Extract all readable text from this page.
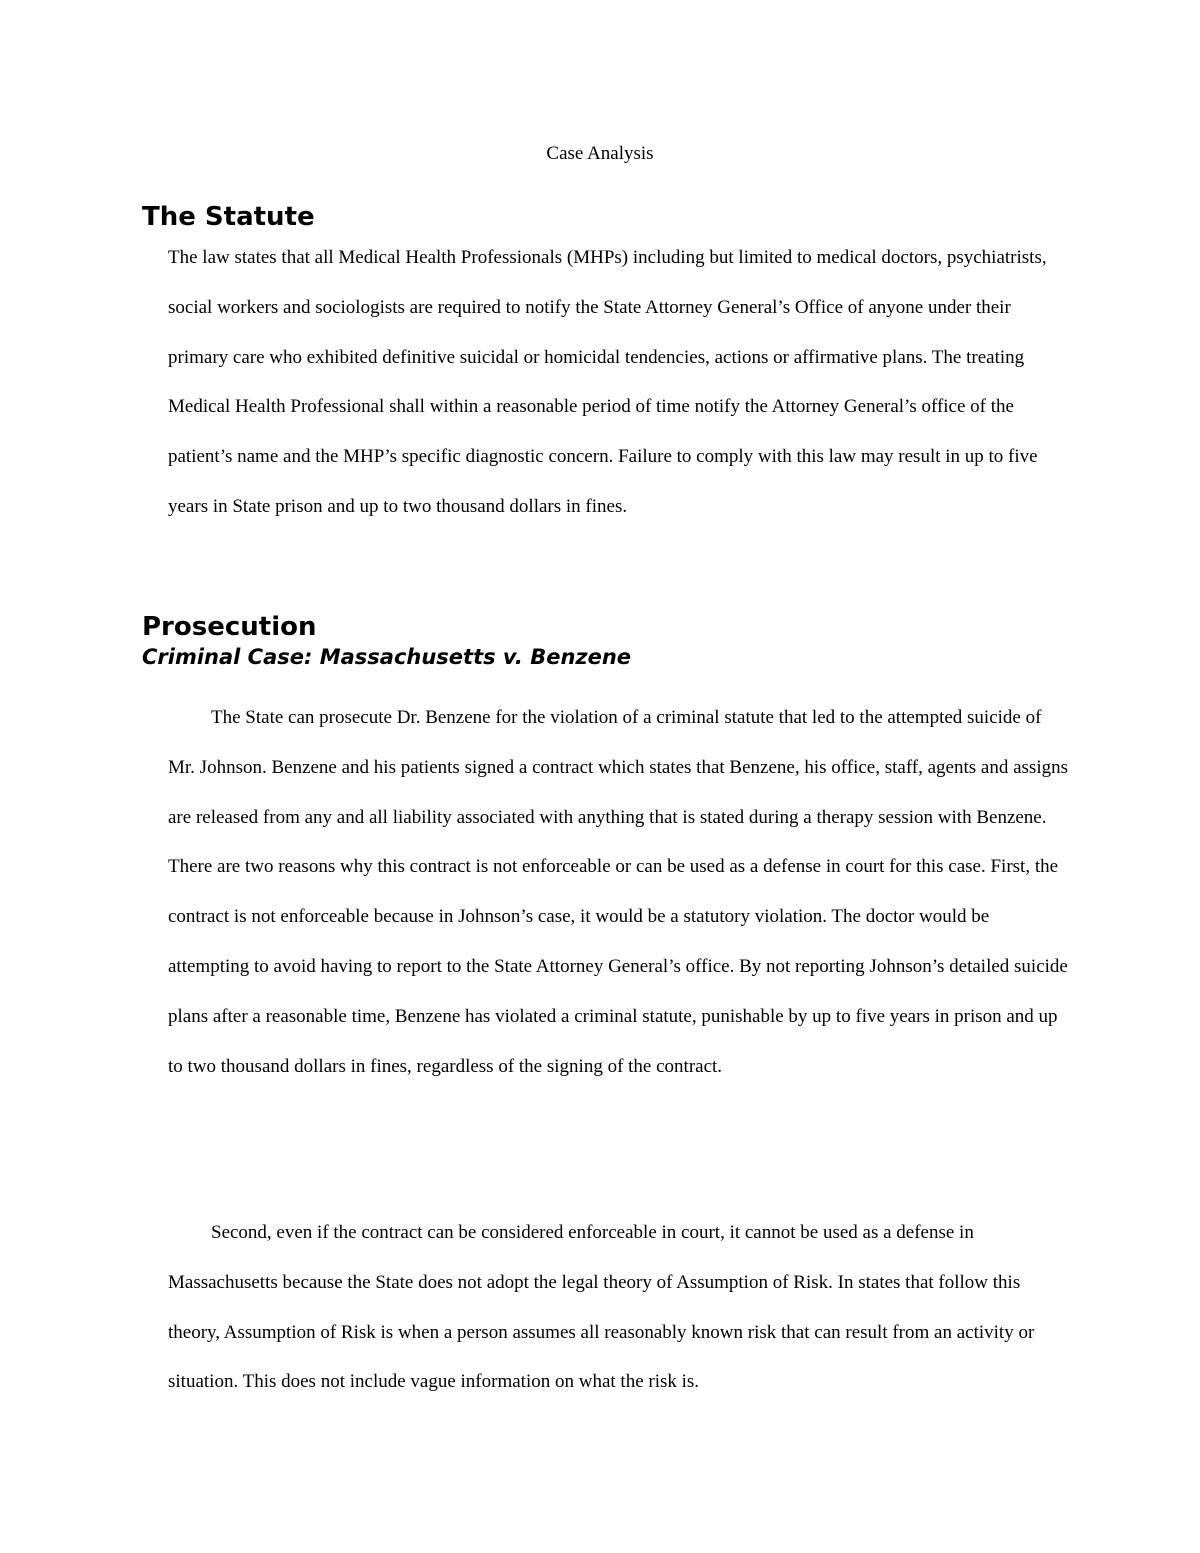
Case Analysis
The Statute

The law states that all Medical Health Professionals (MHPs) including but limited to medical doctors, psychiatrists, social workers and sociologists are required to notify the State Attorney General’s Office of anyone under their primary care who exhibited definitive suicidal or homicidal tendencies, actions or affirmative plans. The treating Medical Health Professional shall within a reasonable period of time notify the Attorney General’s office of the patient’s name and the MHP’s specific diagnostic concern. Failure to comply with this law may result in up to five years in State prison and up to two thousand dollars in fines.

Prosecution
Criminal Case: Massachusetts v. Benzene

The State can prosecute Dr. Benzene for the violation of a criminal statute that led to the attempted suicide of Mr. Johnson. Benzene and his patients signed a contract which states that Benzene, his office, staff, agents and assigns are released from any and all liability associated with anything that is stated during a therapy session with Benzene. There are two reasons why this contract is not enforceable or can be used as a defense in court for this case. First, the contract is not enforceable because in Johnson’s case, it would be a statutory violation. The doctor would be attempting to avoid having to report to the State Attorney General’s office. By not reporting Johnson’s detailed suicide plans after a reasonable time, Benzene has violated a criminal statute, punishable by up to five years in prison and up to two thousand dollars in fines, regardless of the signing of the contract.

Second, even if the contract can be considered enforceable in court, it cannot be used as a defense in Massachusetts because the State does not adopt the legal theory of Assumption of Risk. In states that follow this theory, Assumption of Risk is when a person assumes all reasonably known risk that can result from an activity or situation. This does not include vague information on what the risk is.
